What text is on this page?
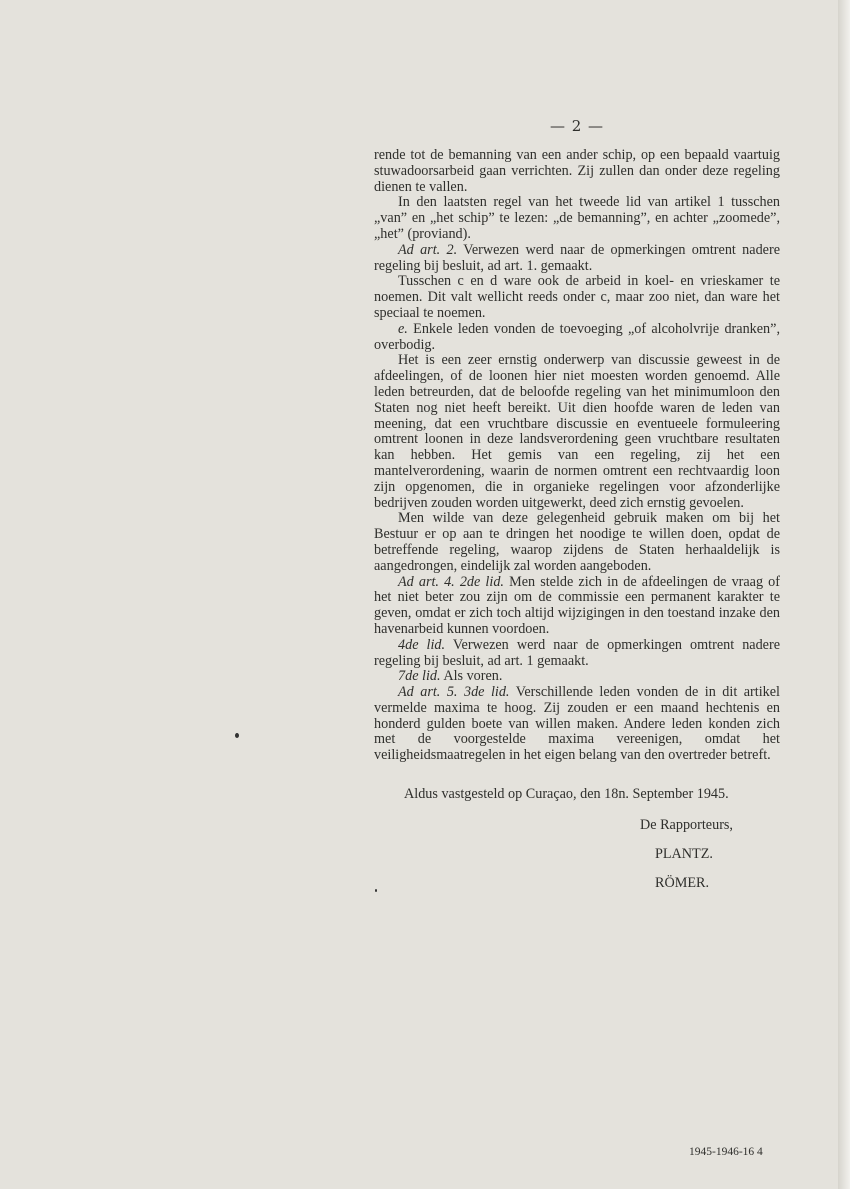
— 2 —

rende tot de bemanning van een ander schip, op een bepaald vaartuig stuwadoorsarbeid gaan verrichten. Zij zullen dan onder deze regeling dienen te vallen.

In den laatsten regel van het tweede lid van artikel 1 tusschen „van” en „het schip” te lezen: „de bemanning”, en achter „zoomede”, „het” (proviand).

Ad art. 2. Verwezen werd naar de opmerkingen omtrent nadere regeling bij besluit, ad art. 1. gemaakt.

Tusschen c en d ware ook de arbeid in koel- en vrieskamer te noemen. Dit valt wellicht reeds onder c, maar zoo niet, dan ware het speciaal te noemen.

e. Enkele leden vonden de toevoeging „of alcoholvrije dranken”, overbodig.

Het is een zeer ernstig onderwerp van discussie geweest in de afdeelingen, of de loonen hier niet moesten worden genoemd. Alle leden betreurden, dat de beloofde regeling van het minimumloon den Staten nog niet heeft bereikt. Uit dien hoofde waren de leden van meening, dat een vruchtbare discussie en eventueele formuleering omtrent loonen in deze landsverordening geen vruchtbare resultaten kan hebben. Het gemis van een regeling, zij het een mantelverordening, waarin de normen omtrent een rechtvaardig loon zijn opgenomen, die in organieke regelingen voor afzonderlijke bedrijven zouden worden uitgewerkt, deed zich ernstig gevoelen.

Men wilde van deze gelegenheid gebruik maken om bij het Bestuur er op aan te dringen het noodige te willen doen, opdat de betreffende regeling, waarop zijdens de Staten herhaaldelijk is aangedrongen, eindelijk zal worden aangeboden.

Ad art. 4. 2de lid. Men stelde zich in de afdeelingen de vraag of het niet beter zou zijn om de commissie een permanent karakter te geven, omdat er zich toch altijd wijzigingen in den toestand inzake den havenarbeid kunnen voordoen.

4de lid. Verwezen werd naar de opmerkingen omtrent nadere regeling bij besluit, ad art. 1 gemaakt.

7de lid. Als voren.

Ad art. 5. 3de lid. Verschillende leden vonden de in dit artikel vermelde maxima te hoog. Zij zouden er een maand hechtenis en honderd gulden boete van willen maken. Andere leden konden zich met de voorgestelde maxima vereenigen, omdat het veiligheidsmaatregelen in het eigen belang van den overtreder betreft.

Aldus vastgesteld op Curaçao, den 18n. September 1945.
De Rapporteurs,
PLANTZ.
RÖMER.
1945-1946-16 4
